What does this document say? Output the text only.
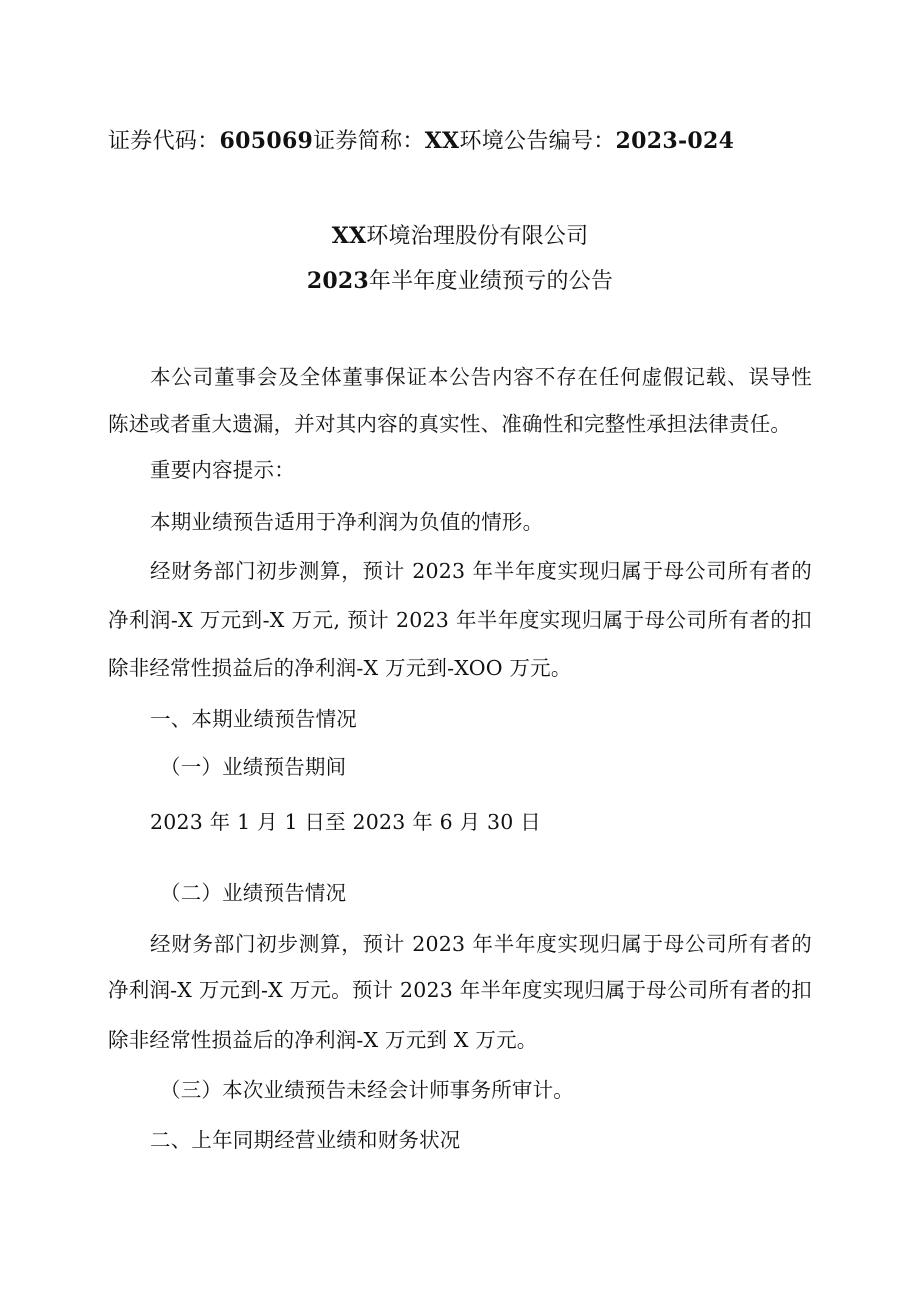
证券代码：605069证券简称：XX环境公告编号：2023-024
XX环境治理股份有限公司
2023年半年度业绩预亏的公告
本公司董事会及全体董事保证本公告内容不存在任何虚假记载、误导性
陈述或者重大遗漏，并对其内容的真实性、准确性和完整性承担法律责任。
重要内容提示：
本期业绩预告适用于净利润为负值的情形。
经财务部门初步测算，预计 2023 年半年度实现归属于母公司所有者的
净利润-X 万元到-X 万元, 预计 2023 年半年度实现归属于母公司所有者的扣
除非经常性损益后的净利润-X 万元到-XOO 万元。
一、本期业绩预告情况
（一）业绩预告期间
2023 年 1 月 1 日至 2023 年 6 月 30 日
（二）业绩预告情况
经财务部门初步测算，预计 2023 年半年度实现归属于母公司所有者的
净利润-X 万元到-X 万元。预计 2023 年半年度实现归属于母公司所有者的扣
除非经常性损益后的净利润-X 万元到 X 万元。
（三）本次业绩预告未经会计师事务所审计。
二、上年同期经营业绩和财务状况
